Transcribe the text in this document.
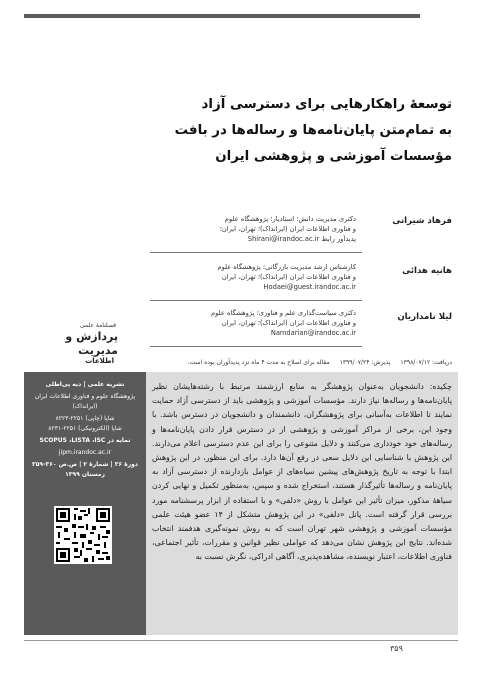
توسعۀ راهکارهایی برای دسترسی آزاد
به تمام‌متن پایان‌نامه‌ها و رساله‌ها در بافت
مؤسسات آموزشی و پژوهشی ایران
فرهاد شیرانی
دکتری مدیریت دانش؛ استادیار؛ پژوهشگاه علوم
و فناوری اطلاعات ایران (ایرانداک)؛ تهران، ایران؛
پدیدآور رابط Shirani@irandoc.ac.ir
هانیه هدائی
کارشناس ارشد مدیریت بازرگانی؛ پژوهشگاه علوم
و فناوری اطلاعات ایران (ایرانداک)؛ تهران، ایران
Hodaei@guest.irandoc.ac.ir
لیلا نامداریان
دکتری سیاست‌گذاری علم و فناوری؛ پژوهشگاه علوم
و فناوری اطلاعات ایران (ایرانداک)؛ تهران، ایران
Namdarian@irandoc.ac.ir
دریافت: ۱۳۹۸/۰۷/۱۲ پذیرش: ۱۳۹۹/۰۷/۲۴ مقاله برای اصلاح به مدت ۴ ماه نزد پدیدآوران بوده است.
فصلنامۀ علمی
پردازش و
مدیریت
اطلاعات
نشریه علمی | دیه پی‌اطلی
پژوهشگاه علوم و فناوری اطلاعات ایران
(ایرانداک)
شاپا (چاپی) ۲۲۵۱-۸۲۲۳
شاپا (الکترونیکی) ۲۲۵۱-۸۲۳۱
نمایه در SCOPUS ،LISTA ،ISC
jipm.irandoc.ac.ir
دورۀ ۳۶ | شمارۀ ۲ | ص.ص ۳۶۰-۳۵۹
زمستان ۱۳۹۹
چکیده: دانشجویان به‌عنوان پژوهشگر به منابع ارزشمند مرتبط با رشته‌هایشان نظیر پایان‌نامه‌ها و رساله‌ها نیاز دارند. مؤسسات آموزشی و پژوهشی باید از دسترسی آزاد حمایت نمایند تا اطلاعات به‌آسانی برای پژوهشگران، دانشمندان و دانشجویان در دسترس باشد. با وجود این، برخی از مراکز آموزشی و پژوهشی از در دسترس قرار دادن پایان‌نامه‌ها و رساله‌های خود خودداری می‌کنند و دلایل متنوعی را برای این عدم دسترسی اعلام می‌دارند. این پژوهش با شناسایی این دلایل سعی در رفع آن‌ها دارد. برای این منظور، در این پژوهش ابتدا با توجه به تاریخ پژوهش‌های پیشین سیاه‌های از عوامل بازدارنده از دسترسی آزاد به پایان‌نامه و رساله‌ها تأثیرگذار هستند، استخراج شده و سپس، به‌منظور تکمیل و نهایی کردن سیاهۀ مذکور، میزان تأثیر این عوامل با روش «دلفی» و با استفاده از ابزار پرسشنامه مورد بررسی قرار گرفته است. پانل «دلفی» در این پژوهش متشکل از ۱۴ عضو هیئت علمی مؤسسات آموزشی و پژوهشی شهر تهران است که به روش نمونه‌گیری هدفمند انتخاب شده‌اند. نتایج این پژوهش نشان می‌دهد که عواملی نظیر قوانین و مقررات، تأثیر اجتماعی، فناوری اطلاعات، اعتبار نویسنده، مشاهده‌پذیری، آگاهی ادراکی، نگرش نسبت به
۳۵۹
